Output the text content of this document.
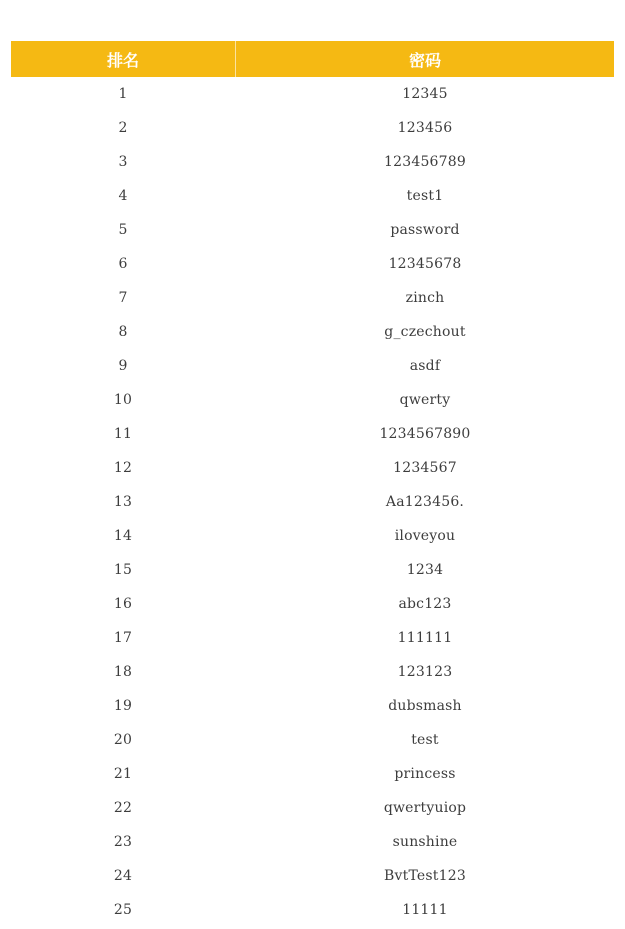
排名	密码
1	12345
2	123456
3	123456789
4	test1
5	password
6	12345678
7	zinch
8	g_czechout
9	asdf
10	qwerty
11	1234567890
12	1234567
13	Aa123456.
14	iloveyou
15	1234
16	abc123
17	111111
18	123123
19	dubsmash
20	test
21	princess
22	qwertyuiop
23	sunshine
24	BvtTest123
25	11111
